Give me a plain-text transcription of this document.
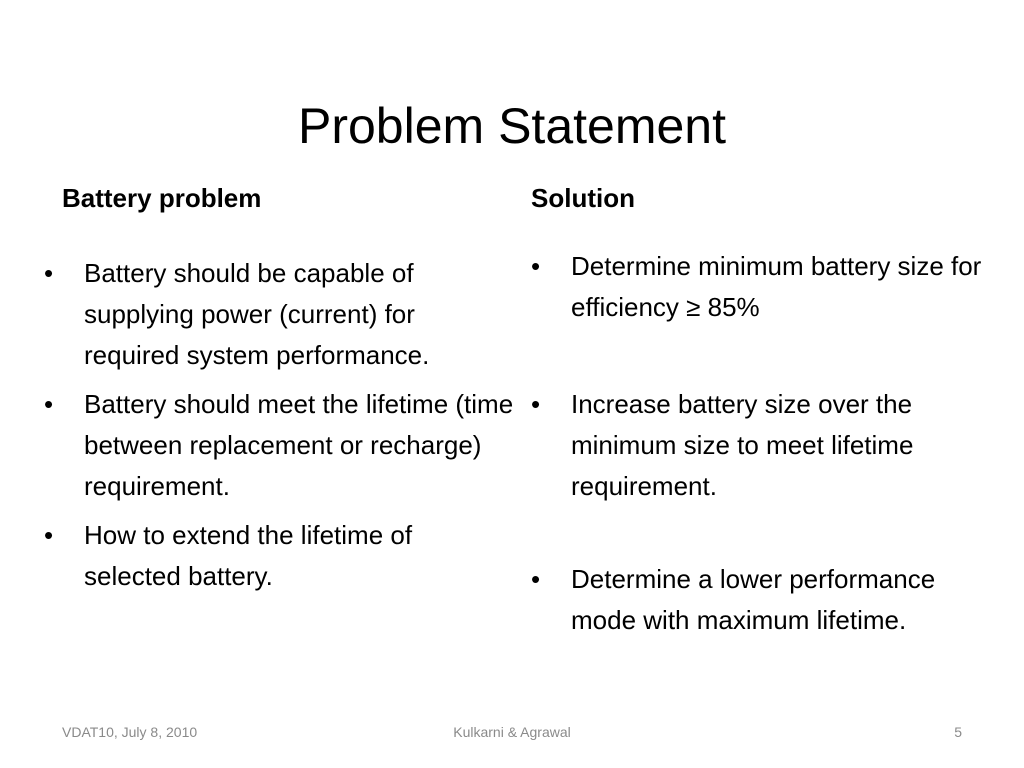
Problem Statement
Battery problem	Solution
• Battery should be capable of supplying power (current) for required system performance.
• Battery should meet the lifetime (time between replacement or recharge) requirement.
• How to extend the lifetime of selected battery.
• Determine minimum battery size for efficiency ≥ 85%
• Increase battery size over the minimum size to meet lifetime requirement.
• Determine a lower performance mode with maximum lifetime.
VDAT10, July 8, 2010	Kulkarni & Agrawal	5
